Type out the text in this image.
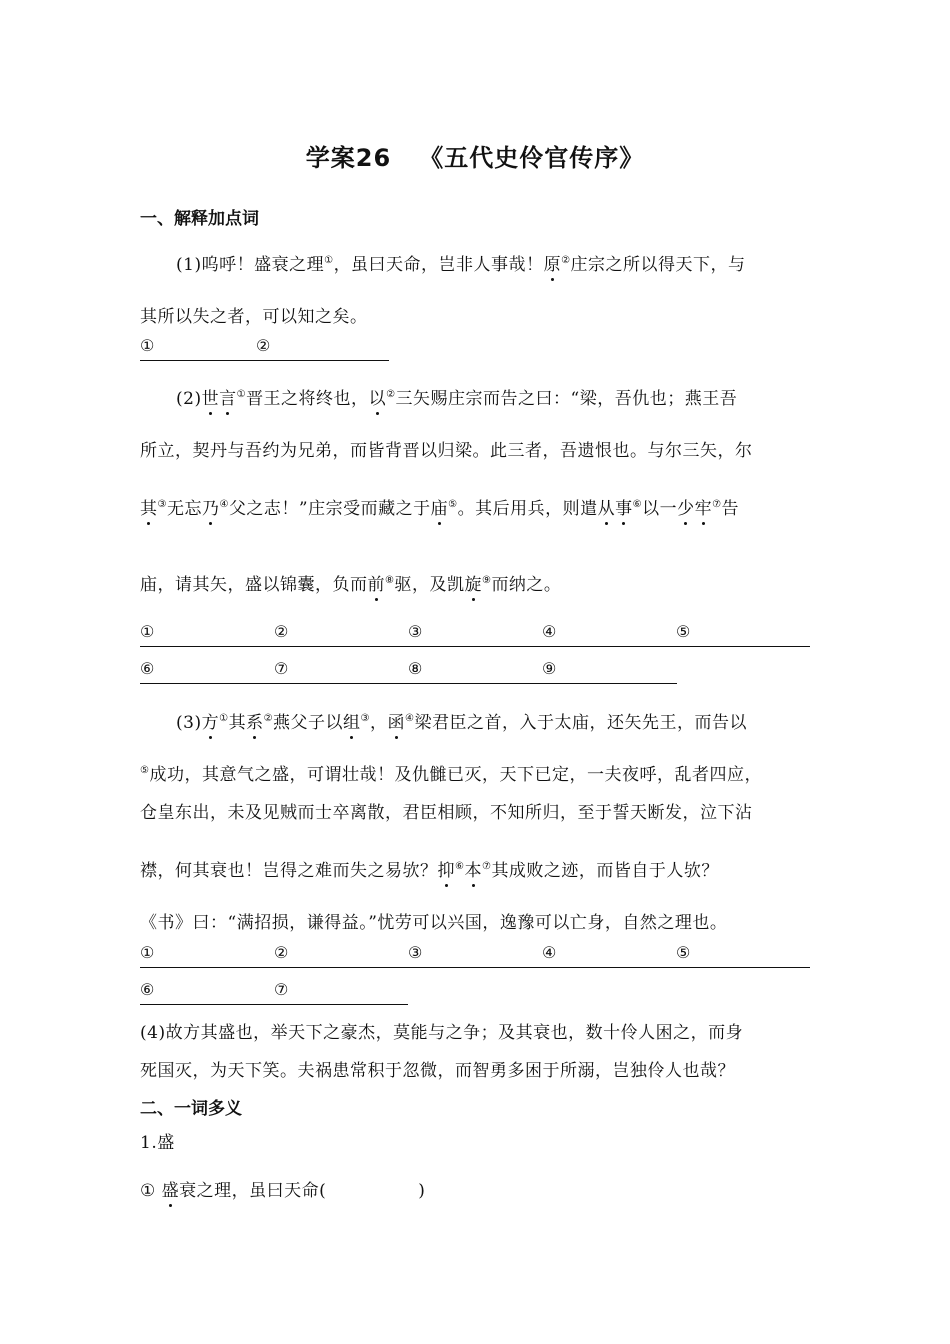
学案26 《五代史伶官传序》
一、解释加点词
(1)呜呼！盛衰之理①，虽曰天命，岂非人事哉！原②庄宗之所以得天下，与
其所以失之者，可以知之矣。
①	②
(2)世言①晋王之将终也，以②三矢赐庄宗而告之曰：“梁，吾仇也；燕王吾
所立，契丹与吾约为兄弟，而皆背晋以归梁。此三者，吾遗恨也。与尔三矢，尔
其③无忘乃④父之志！”庄宗受而藏之于庙⑤。其后用兵，则遣从事⑥以一少牢⑦告
庙，请其矢，盛以锦囊，负而前⑧驱，及凯旋⑨而纳之。
①	②	③	④	⑤
⑥	⑦	⑧	⑨
(3)方①其系②燕父子以组③，函④梁君臣之首，入于太庙，还矢先王，而告以
⑤成功，其意气之盛，可谓壮哉！及仇雠已灭，天下已定，一夫夜呼，乱者四应，
仓皇东出，未及见贼而士卒离散，君臣相顾，不知所归，至于誓天断发，泣下沾
襟，何其衰也！岂得之难而失之易欤？抑⑥本⑦其成败之迹，而皆自于人欤？
《书》曰：“满招损，谦得益。”忧劳可以兴国，逸豫可以亡身，自然之理也。
①	②	③	④	⑤
⑥	⑦
(4)故方其盛也，举天下之豪杰，莫能与之争；及其衰也，数十伶人困之，而身
死国灭，为天下笑。夫祸患常积于忽微，而智勇多困于所溺，岂独伶人也哉？
二、一词多义
1.盛
① 盛衰之理，虽曰天命(	)
